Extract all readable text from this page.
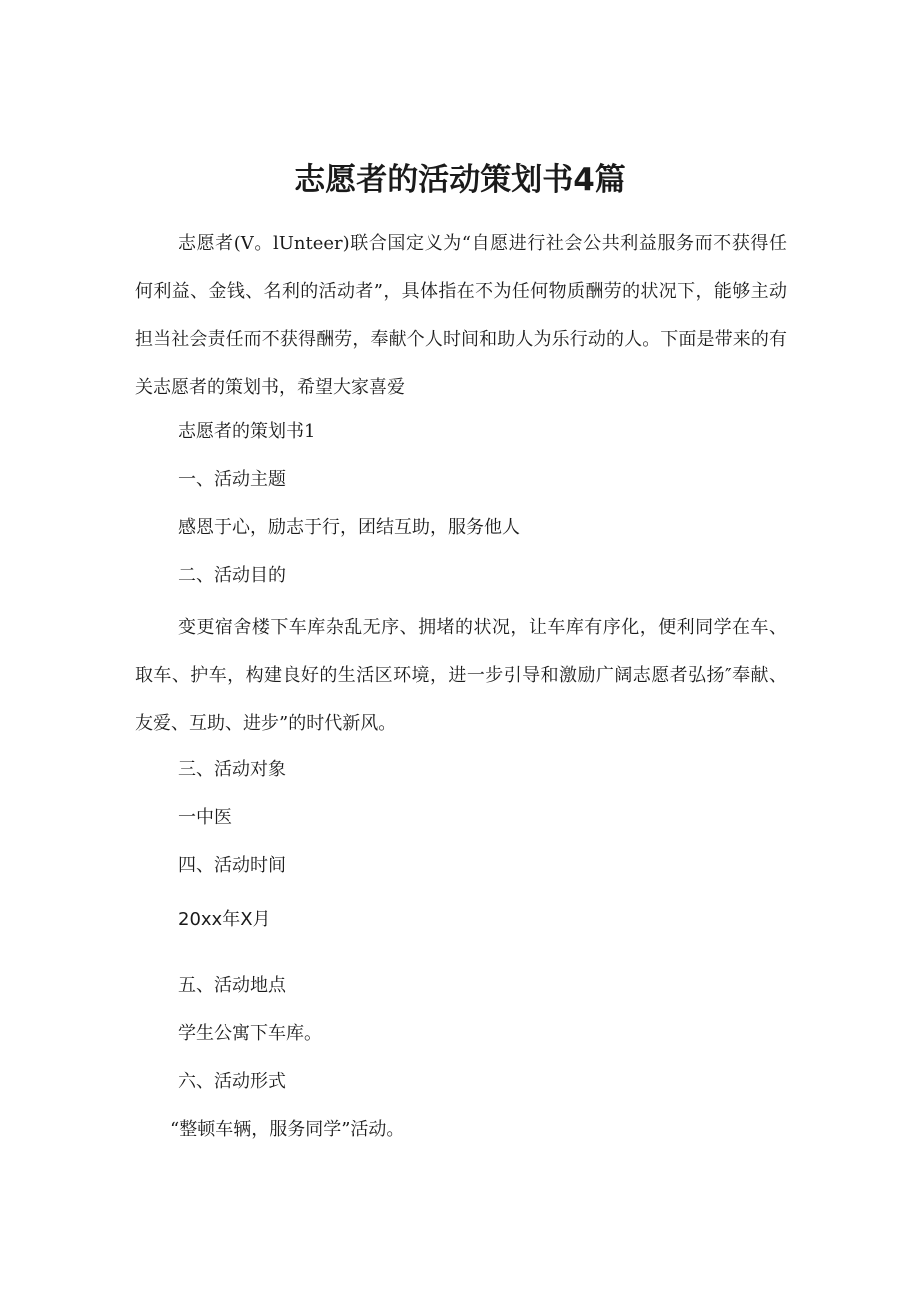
志愿者的活动策划书4篇

志愿者(V。lUnteer)联合国定义为“自愿进行社会公共利益服务而不获得任何利益、金钱、名利的活动者”，具体指在不为任何物质酬劳的状况下，能够主动担当社会责任而不获得酬劳，奉献个人时间和助人为乐行动的人。下面是带来的有关志愿者的策划书，希望大家喜爱

志愿者的策划书1

一、活动主题

感恩于心，励志于行，团结互助，服务他人

二、活动目的

变更宿舍楼下车库杂乱无序、拥堵的状况，让车库有序化，便利同学在车、取车、护车，构建良好的生活区环境，进一步引导和激励广阔志愿者弘扬″奉献、友爱、互助、进步”的时代新风。

三、活动对象

一中医

四、活动时间

20xx年X月

五、活动地点

学生公寓下车库。

六、活动形式

“整顿车辆，服务同学”活动。
